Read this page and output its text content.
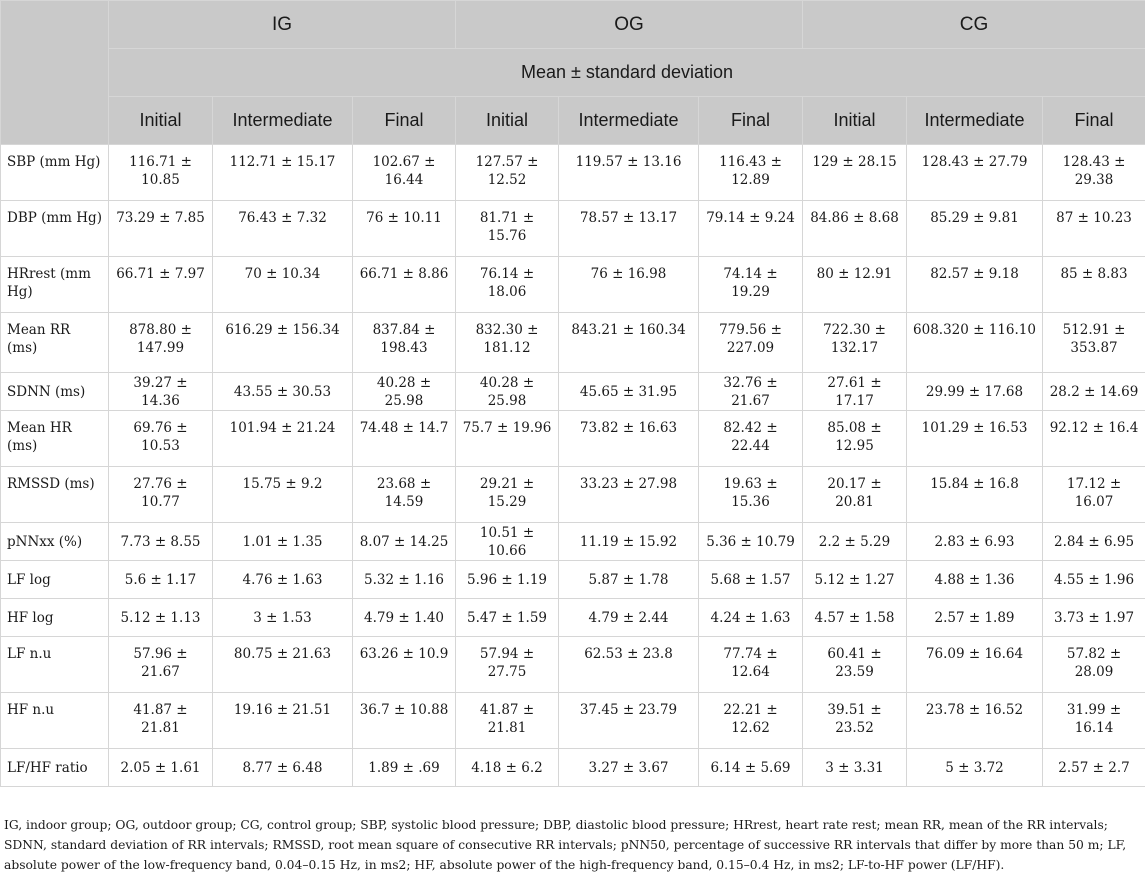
	IG			OG			CG		
	Mean ± standard deviation								
	Initial	Intermediate	Final	Initial	Intermediate	Final	Initial	Intermediate	Final
SBP (mm Hg)	116.71 ± 10.85	112.71 ± 15.17	102.67 ± 16.44	127.57 ± 12.52	119.57 ± 13.16	116.43 ± 12.89	129 ± 28.15	128.43 ± 27.79	128.43 ± 29.38
DBP (mm Hg)	73.29 ± 7.85	76.43 ± 7.32	76 ± 10.11	81.71 ± 15.76	78.57 ± 13.17	79.14 ± 9.24	84.86 ± 8.68	85.29 ± 9.81	87 ± 10.23
HRrest (mm Hg)	66.71 ± 7.97	70 ± 10.34	66.71 ± 8.86	76.14 ± 18.06	76 ± 16.98	74.14 ± 19.29	80 ± 12.91	82.57 ± 9.18	85 ± 8.83
Mean RR (ms)	878.80 ± 147.99	616.29 ± 156.34	837.84 ± 198.43	832.30 ± 181.12	843.21 ± 160.34	779.56 ± 227.09	722.30 ± 132.17	608.320 ± 116.10	512.91 ± 353.87
SDNN (ms)	39.27 ± 14.36	43.55 ± 30.53	40.28 ± 25.98	40.28 ± 25.98	45.65 ± 31.95	32.76 ± 21.67	27.61 ± 17.17	29.99 ± 17.68	28.2 ± 14.69
Mean HR (ms)	69.76 ± 10.53	101.94 ± 21.24	74.48 ± 14.7	75.7 ± 19.96	73.82 ± 16.63	82.42 ± 22.44	85.08 ± 12.95	101.29 ± 16.53	92.12 ± 16.4
RMSSD (ms)	27.76 ± 10.77	15.75 ± 9.2	23.68 ± 14.59	29.21 ± 15.29	33.23 ± 27.98	19.63 ± 15.36	20.17 ± 20.81	15.84 ± 16.8	17.12 ± 16.07
pNNxx (%)	7.73 ± 8.55	1.01 ± 1.35	8.07 ± 14.25	10.51 ± 10.66	11.19 ± 15.92	5.36 ± 10.79	2.2 ± 5.29	2.83 ± 6.93	2.84 ± 6.95
LF log	5.6 ± 1.17	4.76 ± 1.63	5.32 ± 1.16	5.96 ± 1.19	5.87 ± 1.78	5.68 ± 1.57	5.12 ± 1.27	4.88 ± 1.36	4.55 ± 1.96
HF log	5.12 ± 1.13	3 ± 1.53	4.79 ± 1.40	5.47 ± 1.59	4.79 ± 2.44	4.24 ± 1.63	4.57 ± 1.58	2.57 ± 1.89	3.73 ± 1.97
LF n.u	57.96 ± 21.67	80.75 ± 21.63	63.26 ± 10.9	57.94 ± 27.75	62.53 ± 23.8	77.74 ± 12.64	60.41 ± 23.59	76.09 ± 16.64	57.82 ± 28.09
HF n.u	41.87 ± 21.81	19.16 ± 21.51	36.7 ± 10.88	41.87 ± 21.81	37.45 ± 23.79	22.21 ± 12.62	39.51 ± 23.52	23.78 ± 16.52	31.99 ± 16.14
LF/HF ratio	2.05 ± 1.61	8.77 ± 6.48	1.89 ± .69	4.18 ± 6.2	3.27 ± 3.67	6.14 ± 5.69	3 ± 3.31	5 ± 3.72	2.57 ± 2.7
IG, indoor group; OG, outdoor group; CG, control group; SBP, systolic blood pressure; DBP, diastolic blood pressure; HRrest, heart rate rest; mean RR, mean of the RR intervals; SDNN, standard deviation of RR intervals; RMSSD, root mean square of consecutive RR intervals; pNN50, percentage of successive RR intervals that differ by more than 50 m; LF, absolute power of the low-frequency band, 0.04–0.15 Hz, in ms2; HF, absolute power of the high-frequency band, 0.15–0.4 Hz, in ms2; LF-to-HF power (LF/HF).
